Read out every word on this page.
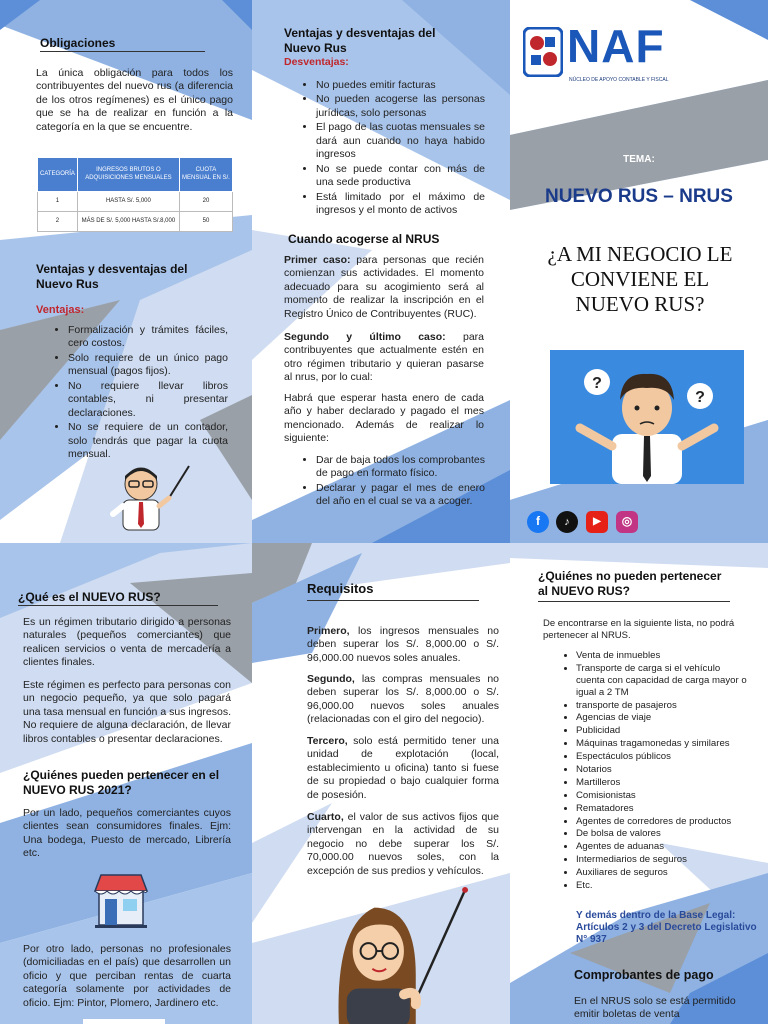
Obligaciones

La única obligación para todos los contribuyentes del nuevo rus (a diferencia de los otros regímenes) es el único pago que se ha de realizar en función a la categoría en la que se encuentre.

CATEGORÍA	INGRESOS BRUTOS O ADQUISICIONES MENSUALES	CUOTA MENSUAL EN S/.
1	HASTA S/. 5,000	20
2	MÁS DE S/. 5,000 HASTA S/.8,000	50
Ventajas y desventajas del Nuevo Rus

Ventajas:

• Formalización y trámites fáciles, cero costos.
• Solo requiere de un único pago mensual (pagos fijos).
• No requiere llevar libros contables, ni presentar declaraciones.
• No se requiere de un contador, solo tendrás que pagar la cuota mensual.
Ventajas y desventajas del Nuevo Rus

Desventajas:

• No puedes emitir facturas
• No pueden acogerse las personas jurídicas, solo personas
• El pago de las cuotas mensuales se dará aun cuando no haya habido ingresos
• No se puede contar con más de una sede productiva
• Está limitado por el máximo de ingresos y el monto de activos
Cuando acogerse al NRUS

Primer caso: para personas que recién comienzan sus actividades. El momento adecuado para su acogimiento será al momento de realizar la inscripción en el Registro Único de Contribuyentes (RUC).

Segundo y último caso: para contribuyentes que actualmente estén en otro régimen tributario y quieran pasarse al nrus, por lo cual:

Habrá que esperar hasta enero de cada año y haber declarado y pagado el mes mencionado. Además de realizar lo siguiente:

• Dar de baja todos los comprobantes de pago en formato físico.
• Declarar y pagar el mes de enero del año en el cual se va a acoger.
NAF
NÚCLEO DE APOYO CONTABLE Y FISCAL
TEMA:
NUEVO RUS – NRUS
¿A MI NEGOCIO LE CONVIENE EL NUEVO RUS?
?
?
f	♪	▶	◎
¿Qué es el NUEVO RUS?

Es un régimen tributario dirigido a personas naturales (pequeños comerciantes) que realicen servicios o venta de mercadería a clientes finales.

Este régimen es perfecto para personas con un negocio pequeño, ya que solo pagará una tasa mensual en función a sus ingresos. No requiere de alguna declaración, de llevar libros contables o presentar declaraciones.

¿Quiénes pueden pertenecer en el NUEVO RUS 2021?

Por un lado, pequeños comerciantes cuyos clientes sean consumidores finales. Ejm: Una bodega, Puesto de mercado, Librería etc.

Por otro lado, personas no profesionales (domiciliadas en el país) que desarrollen un oficio y que perciban rentas de cuarta categoría solamente por actividades de oficio. Ejm: Pintor, Plomero, Jardinero etc.

Requisitos

Primero, los ingresos mensuales no deben superar los S/. 8,000.00 o S/. 96,000.00 nuevos soles anuales.

Segundo, las compras mensuales no deben superar los S/. 8,000.00 o S/. 96,000.00 nuevos soles anuales (relacionadas con el giro del negocio).

Tercero, solo está permitido tener una unidad de explotación (local, establecimiento u oficina) tanto si fuese de su propiedad o bajo cualquier forma de posesión.

Cuarto, el valor de sus activos fijos que intervengan en la actividad de su negocio no debe superar los S/. 70,000.00 nuevos soles, con la excepción de sus predios y vehículos.

¿Quiénes no pueden pertenecer al NUEVO RUS?

De encontrarse en la siguiente lista, no podrá pertenecer al NRUS.

• Venta de inmuebles
• Transporte de carga si el vehículo cuenta con capacidad de carga mayor o igual a 2 TM
• transporte de pasajeros
• Agencias de viaje
• Publicidad
• Máquinas tragamonedas y similares
• Espectáculos públicos
• Notarios
• Martilleros
• Comisionistas
• Rematadores
• Agentes de corredores de productos
• De bolsa de valores
• Agentes de aduanas
• Intermediarios de seguros
• Auxiliares de seguros
• Etc.

Y demás dentro de la Base Legal: Artículos 2 y 3 del Decreto Legislativo N° 937

Comprobantes de pago

En el NRUS solo se está permitido emitir boletas de venta
